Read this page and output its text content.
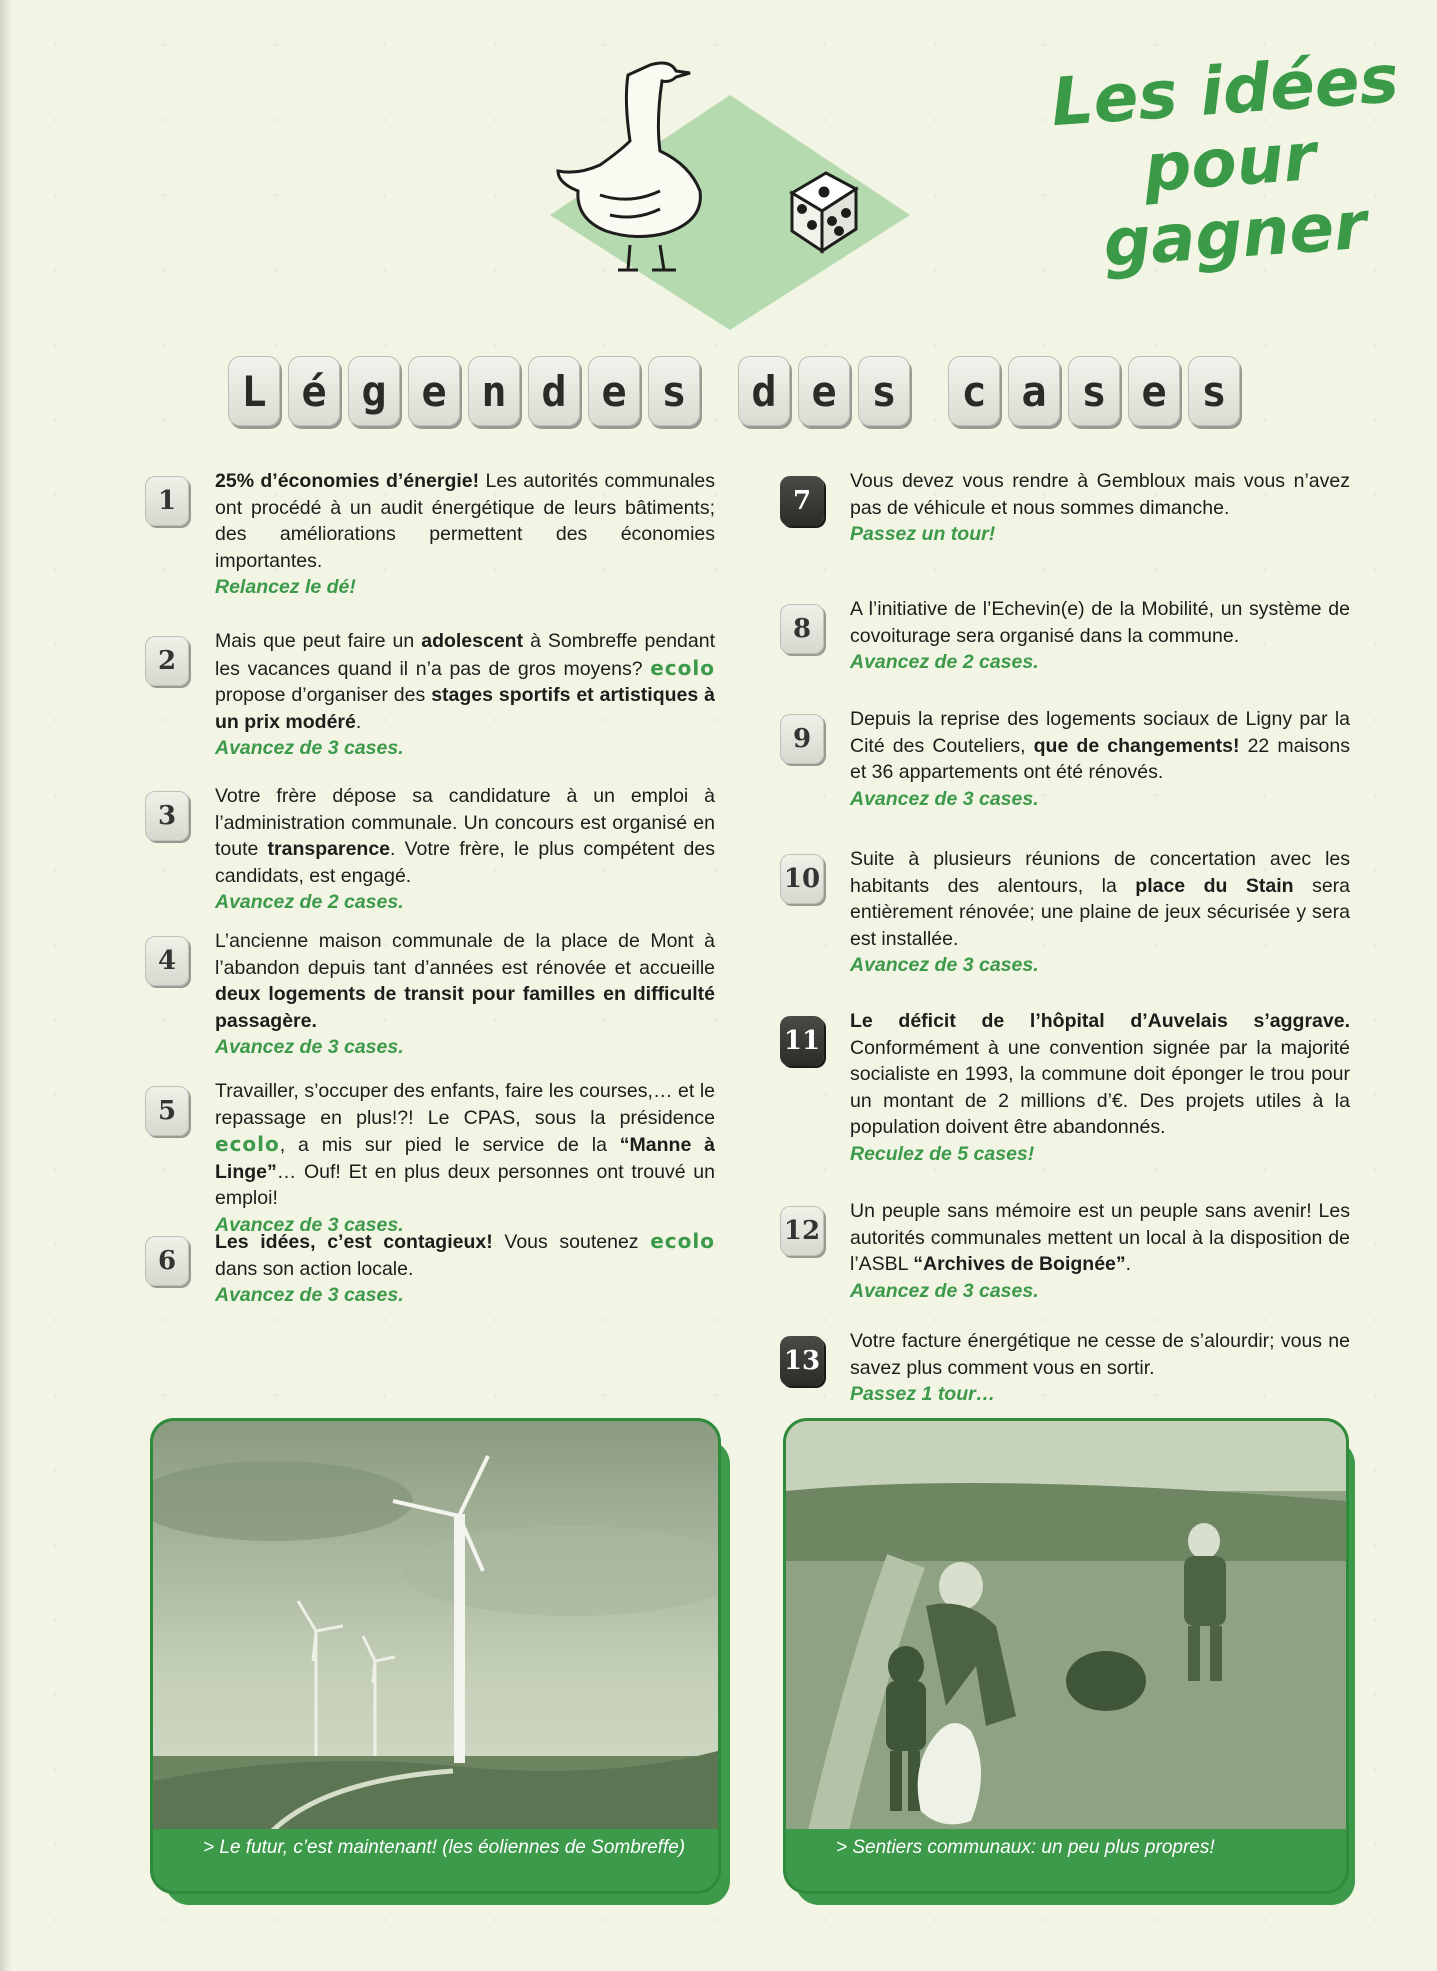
Les idées
pour
gagner
L é g e n d e s	d e s	c a s e s
1
25% d’économies d’énergie! Les autorités communales ont procédé à un audit énergétique de leurs bâtiments; des améliorations permettent des économies importantes.
Relancez le dé!
2
Mais que peut faire un adolescent à Sombreffe pendant les vacances quand il n’a pas de gros moyens? ecolo propose d’organiser des stages sportifs et artistiques à un prix modéré.
Avancez de 3 cases.
3
Votre frère dépose sa candidature à un emploi à l’administration communale. Un concours est organisé en toute transparence. Votre frère, le plus compétent des candidats, est engagé.
Avancez de 2 cases.
4
L’ancienne maison communale de la place de Mont à l’abandon depuis tant d’années est rénovée et accueille deux logements de transit pour familles en difficulté passagère.
Avancez de 3 cases.
5
Travailler, s’occuper des enfants, faire les courses,… et le repassage en plus!?! Le CPAS, sous la présidence ecolo, a mis sur pied le service de la “Manne à Linge”… Ouf! Et en plus deux personnes ont trouvé un emploi!
Avancez de 3 cases.
6
Les idées, c’est contagieux! Vous soutenez ecolo dans son action locale.
Avancez de 3 cases.
7
Vous devez vous rendre à Gembloux mais vous n’avez pas de véhicule et nous sommes dimanche.
Passez un tour!
8
A l’initiative de l’Echevin(e) de la Mobilité, un système de covoiturage sera organisé dans la commune.
Avancez de 2 cases.
9
Depuis la reprise des logements sociaux de Ligny par la Cité des Couteliers, que de changements! 22 maisons et 36 appartements ont été rénovés.
Avancez de 3 cases.
10
Suite à plusieurs réunions de concertation avec les habitants des alentours, la place du Stain sera entièrement rénovée; une plaine de jeux sécurisée y sera est installée.
Avancez de 3 cases.
11
Le déficit de l’hôpital d’Auvelais s’aggrave. Conformément à une convention signée par la majorité socialiste en 1993, la commune doit éponger le trou pour un montant de 2 millions d’€. Des projets utiles à la population doivent être abandonnés.
Reculez de 5 cases!
12
Un peuple sans mémoire est un peuple sans avenir! Les autorités communales mettent un local à la disposition de l’ASBL “Archives de Boignée”.
Avancez de 3 cases.
13
Votre facture énergétique ne cesse de s’alourdir; vous ne savez plus comment vous en sortir.
Passez 1 tour…
> Le futur, c’est maintenant! (les éoliennes de Sombreffe)	> Sentiers communaux: un peu plus propres!
